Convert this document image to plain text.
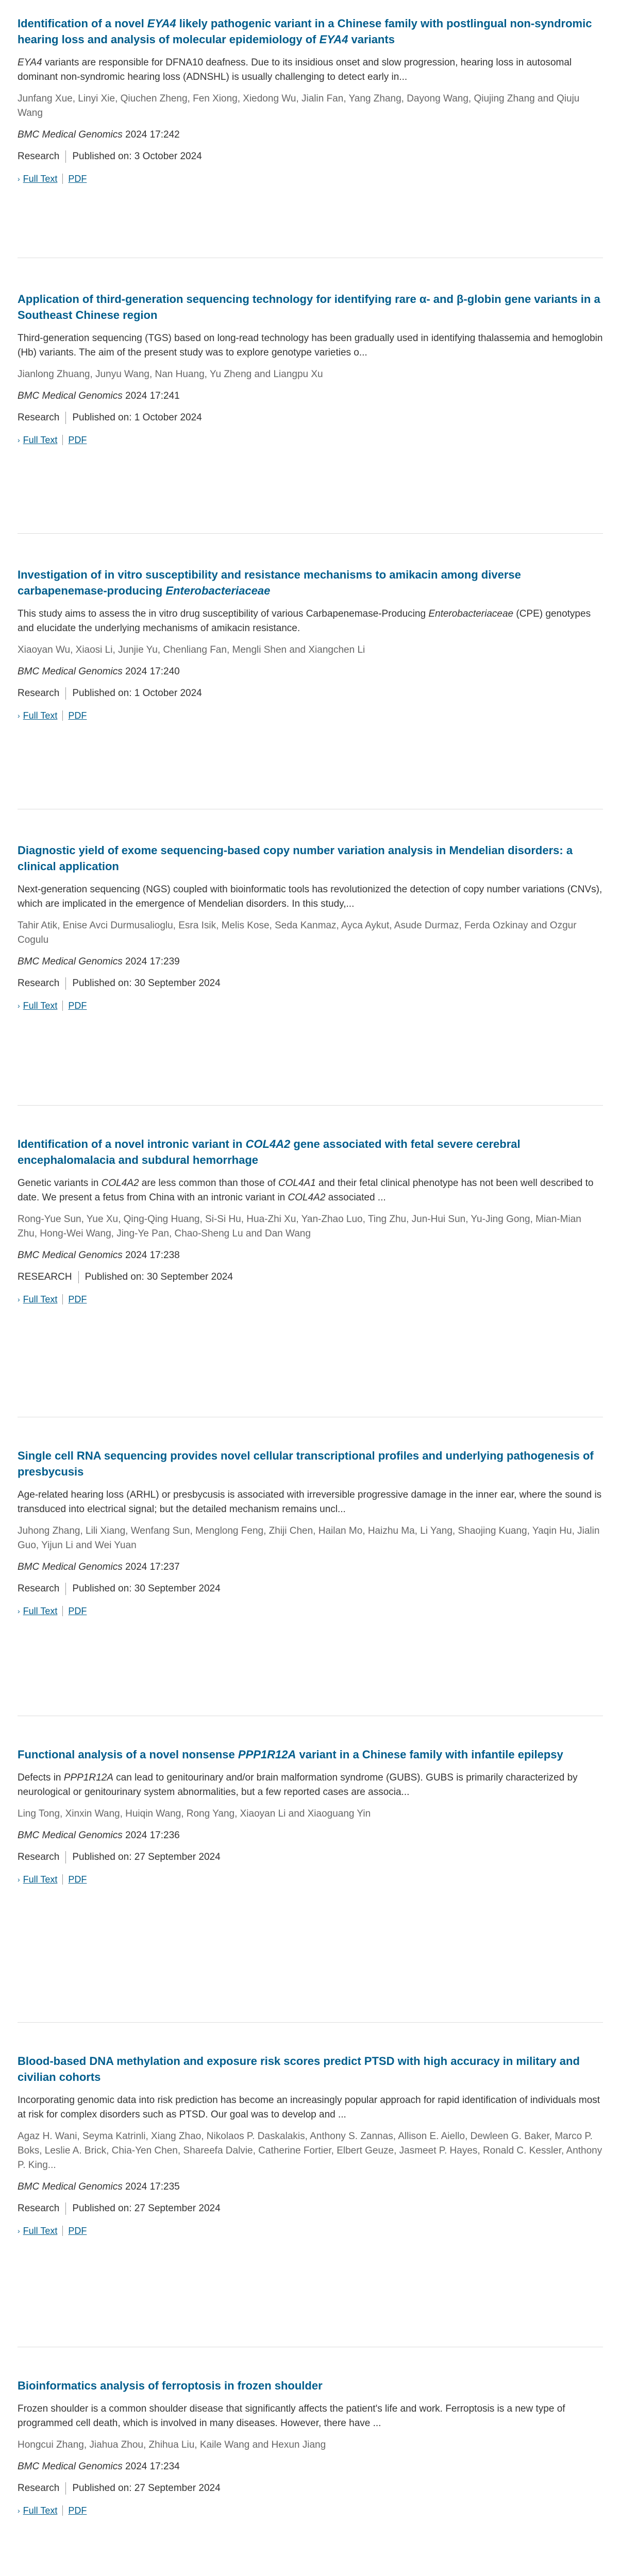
Identification of a novel EYA4 likely pathogenic variant in a Chinese family with postlingual non-syndromic hearing loss and analysis of molecular epidemiology of EYA4 variants

EYA4 variants are responsible for DFNA10 deafness. Due to its insidious onset and slow progression, hearing loss in autosomal dominant non-syndromic hearing loss (ADNSHL) is usually challenging to detect early in...

Junfang Xue, Linyi Xie, Qiuchen Zheng, Fen Xiong, Xiedong Wu, Jialin Fan, Yang Zhang, Dayong Wang, Qiujing Zhang and Qiuju Wang

BMC Medical Genomics 2024 17:242

Research	Published on: 3 October 2024
› Full Text PDF
Application of third-generation sequencing technology for identifying rare α- and β-globin gene variants in a Southeast Chinese region

Third-generation sequencing (TGS) based on long-read technology has been gradually used in identifying thalassemia and hemoglobin (Hb) variants. The aim of the present study was to explore genotype varieties o...

Jianlong Zhuang, Junyu Wang, Nan Huang, Yu Zheng and Liangpu Xu

BMC Medical Genomics 2024 17:241

Research	Published on: 1 October 2024
› Full Text PDF
Investigation of in vitro susceptibility and resistance mechanisms to amikacin among diverse carbapenemase-producing Enterobacteriaceae

This study aims to assess the in vitro drug susceptibility of various Carbapenemase-Producing Enterobacteriaceae (CPE) genotypes and elucidate the underlying mechanisms of amikacin resistance.

Xiaoyan Wu, Xiaosi Li, Junjie Yu, Chenliang Fan, Mengli Shen and Xiangchen Li

BMC Medical Genomics 2024 17:240

Research	Published on: 1 October 2024
› Full Text PDF
Diagnostic yield of exome sequencing-based copy number variation analysis in Mendelian disorders: a clinical application

Next-generation sequencing (NGS) coupled with bioinformatic tools has revolutionized the detection of copy number variations (CNVs), which are implicated in the emergence of Mendelian disorders. In this study,...

Tahir Atik, Enise Avci Durmusalioglu, Esra Isik, Melis Kose, Seda Kanmaz, Ayca Aykut, Asude Durmaz, Ferda Ozkinay and Ozgur Cogulu

BMC Medical Genomics 2024 17:239

Research	Published on: 30 September 2024
› Full Text PDF
Identification of a novel intronic variant in COL4A2 gene associated with fetal severe cerebral encephalomalacia and subdural hemorrhage

Genetic variants in COL4A2 are less common than those of COL4A1 and their fetal clinical phenotype has not been well described to date. We present a fetus from China with an intronic variant in COL4A2 associated ...

Rong-Yue Sun, Yue Xu, Qing-Qing Huang, Si-Si Hu, Hua-Zhi Xu, Yan-Zhao Luo, Ting Zhu, Jun-Hui Sun, Yu-Jing Gong, Mian-Mian Zhu, Hong-Wei Wang, Jing-Ye Pan, Chao-Sheng Lu and Dan Wang

BMC Medical Genomics 2024 17:238

RESEARCH	Published on: 30 September 2024
› Full Text PDF
Single cell RNA sequencing provides novel cellular transcriptional profiles and underlying pathogenesis of presbycusis

Age-related hearing loss (ARHL) or presbycusis is associated with irreversible progressive damage in the inner ear, where the sound is transduced into electrical signal; but the detailed mechanism remains uncl...

Juhong Zhang, Lili Xiang, Wenfang Sun, Menglong Feng, Zhiji Chen, Hailan Mo, Haizhu Ma, Li Yang, Shaojing Kuang, Yaqin Hu, Jialin Guo, Yijun Li and Wei Yuan

BMC Medical Genomics 2024 17:237

Research	Published on: 30 September 2024
› Full Text PDF
Functional analysis of a novel nonsense PPP1R12A variant in a Chinese family with infantile epilepsy

Defects in PPP1R12A can lead to genitourinary and/or brain malformation syndrome (GUBS). GUBS is primarily characterized by neurological or genitourinary system abnormalities, but a few reported cases are associa...

Ling Tong, Xinxin Wang, Huiqin Wang, Rong Yang, Xiaoyan Li and Xiaoguang Yin

BMC Medical Genomics 2024 17:236

Research	Published on: 27 September 2024
› Full Text PDF
Blood-based DNA methylation and exposure risk scores predict PTSD with high accuracy in military and civilian cohorts

Incorporating genomic data into risk prediction has become an increasingly popular approach for rapid identification of individuals most at risk for complex disorders such as PTSD. Our goal was to develop and ...

Agaz H. Wani, Seyma Katrinli, Xiang Zhao, Nikolaos P. Daskalakis, Anthony S. Zannas, Allison E. Aiello, Dewleen G. Baker, Marco P. Boks, Leslie A. Brick, Chia-Yen Chen, Shareefa Dalvie, Catherine Fortier, Elbert Geuze, Jasmeet P. Hayes, Ronald C. Kessler, Anthony P. King...

BMC Medical Genomics 2024 17:235

Research	Published on: 27 September 2024
› Full Text PDF
Bioinformatics analysis of ferroptosis in frozen shoulder

Frozen shoulder is a common shoulder disease that significantly affects the patient's life and work. Ferroptosis is a new type of programmed cell death, which is involved in many diseases. However, there have ...

Hongcui Zhang, Jiahua Zhou, Zhihua Liu, Kaile Wang and Hexun Jiang

BMC Medical Genomics 2024 17:234

Research	Published on: 27 September 2024
› Full Text PDF
